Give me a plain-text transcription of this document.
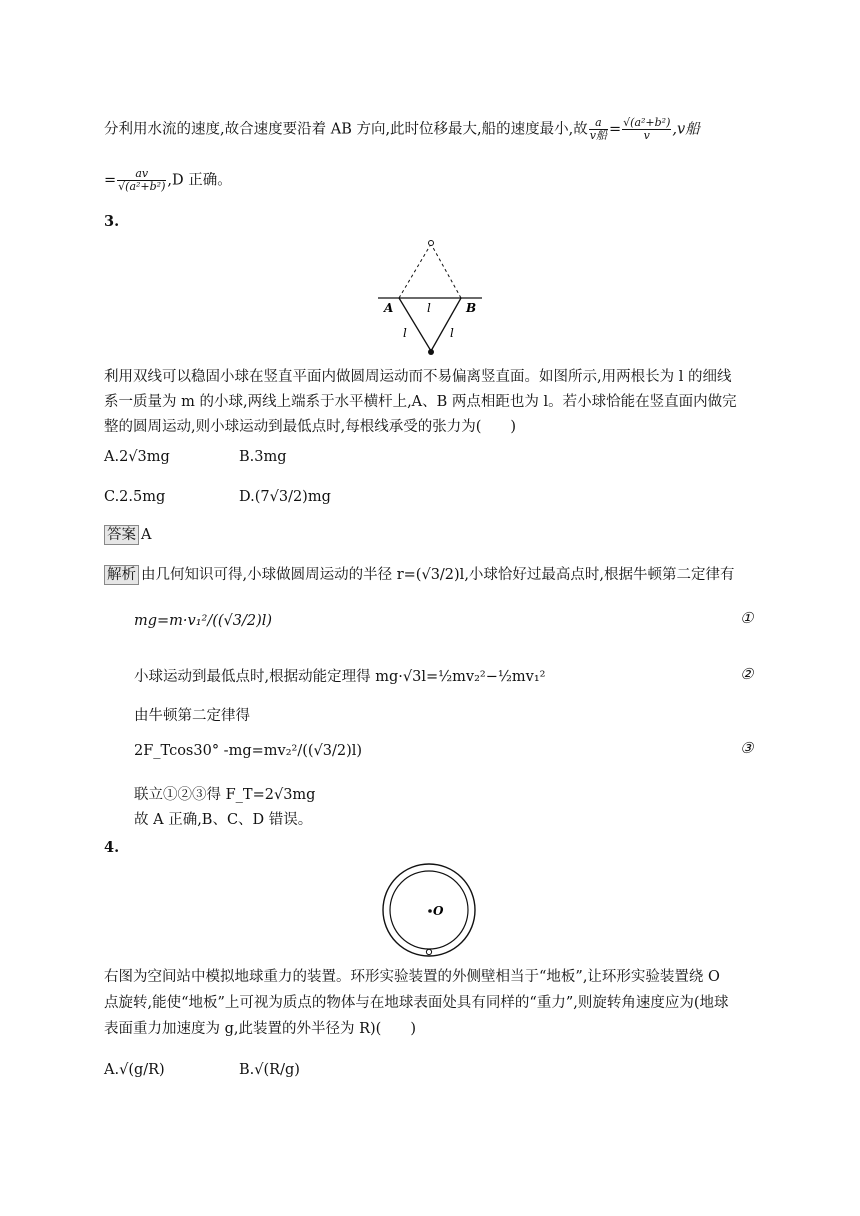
分利用水流的速度,故合速度要沿着 AB 方向,此时位移最大,船的速度最小,故 $\frac{a}{\text{v船}} = \frac{\text{√(a²+b²)}}{v} ,v$船
= $\frac{av}{\text{√(a²+b²)}} ,D$ 正确。
3.
A	B
l
l	l
利用双线可以稳固小球在竖直平面内做圆周运动而不易偏离竖直面。如图所示,用两根长为 l 的细线
系一质量为 m 的小球,两线上端系于水平横杆上,A、B 两点相距也为 l。若小球恰能在竖直面内做完
整的圆周运动,则小球运动到最低点时,每根线承受的张力为(　　)
A.2√3mg	B.3mg
C.2.5mg	D.(7√3/2)mg
答案 A
解析 由几何知识可得,小球做圆周运动的半径 r=(√3/2)l,小球恰好过最高点时,根据牛顿第二定律有
mg=m·v₁²/((√3/2)l)	①
小球运动到最低点时,根据动能定理得 mg·√3l=½mv₂²−½mv₁²	②
由牛顿第二定律得
2F_Tcos30° -mg=mv₂²/((√3/2)l)	③
联立①②③得 F_T=2√3mg
故 A 正确,B、C、D 错误。
4.
O
右图为空间站中模拟地球重力的装置。环形实验装置的外侧壁相当于“地板”,让环形实验装置绕 O
点旋转,能使“地板”上可视为质点的物体与在地球表面处具有同样的“重力”,则旋转角速度应为(地球
表面重力加速度为 g,此装置的外半径为 R)(　　)
A.√(g/R)	B.√(R/g)
